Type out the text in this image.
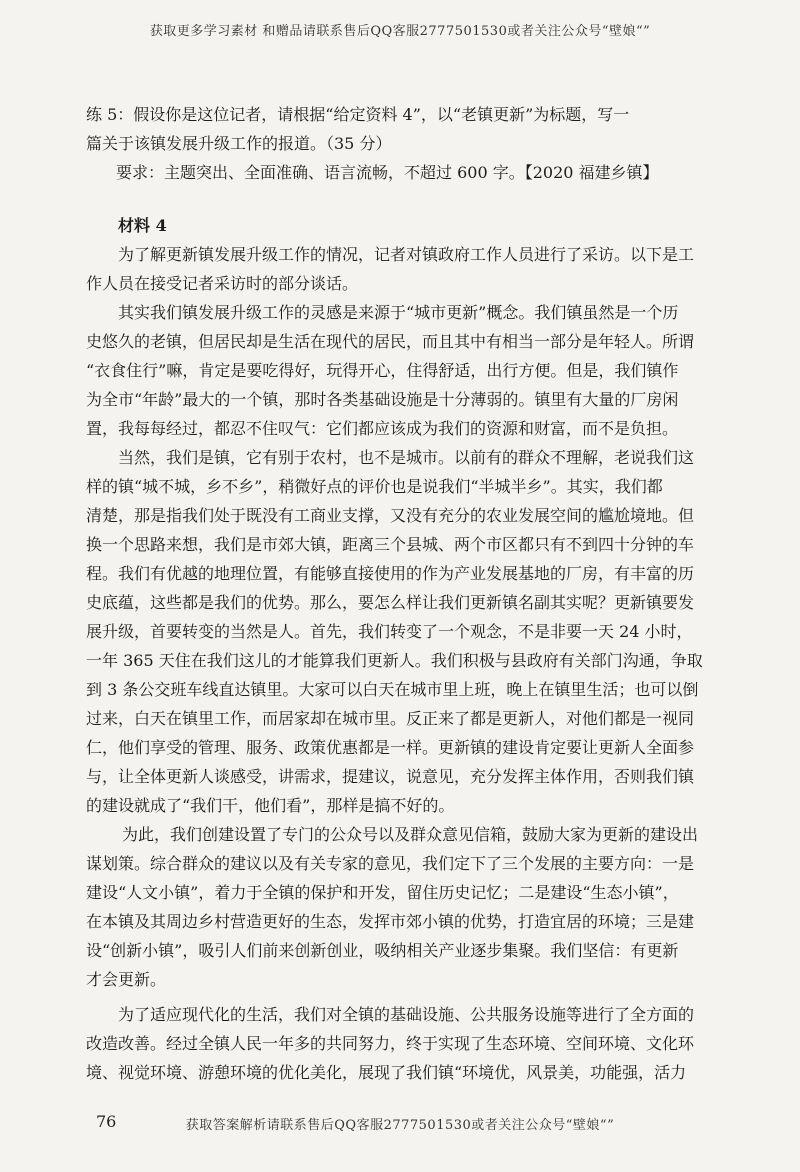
获取更多学习素材 和赠品请联系售后QQ客服2777501530或者关注公众号“壁娘“”
练 5：假设你是这位记者，请根据“给定资料 4”，以“老镇更新”为标题，写一
篇关于该镇发展升级工作的报道。（35 分）
要求：主题突出、全面准确、语言流畅，不超过 600 字。【2020 福建乡镇】
材料 4
为了解更新镇发展升级工作的情况，记者对镇政府工作人员进行了采访。以下是工
作人员在接受记者采访时的部分谈话。
其实我们镇发展升级工作的灵感是来源于“城市更新”概念。我们镇虽然是一个历
史悠久的老镇，但居民却是生活在现代的居民，而且其中有相当一部分是年轻人。所谓
“衣食住行”嘛，肯定是要吃得好，玩得开心，住得舒适，出行方便。但是，我们镇作
为全市“年龄”最大的一个镇，那时各类基础设施是十分薄弱的。镇里有大量的厂房闲
置，我每每经过，都忍不住叹气：它们都应该成为我们的资源和财富，而不是负担。
当然，我们是镇，它有别于农村，也不是城市。以前有的群众不理解，老说我们这
样的镇“城不城，乡不乡”，稍微好点的评价也是说我们“半城半乡”。其实，我们都
清楚，那是指我们处于既没有工商业支撑，又没有充分的农业发展空间的尴尬境地。但
换一个思路来想，我们是市郊大镇，距离三个县城、两个市区都只有不到四十分钟的车
程。我们有优越的地理位置，有能够直接使用的作为产业发展基地的厂房，有丰富的历
史底蕴，这些都是我们的优势。那么，要怎么样让我们更新镇名副其实呢？更新镇要发
展升级，首要转变的当然是人。首先，我们转变了一个观念，不是非要一天 24 小时，
一年 365 天住在我们这儿的才能算我们更新人。我们积极与县政府有关部门沟通，争取
到 3 条公交班车线直达镇里。大家可以白天在城市里上班，晚上在镇里生活；也可以倒
过来，白天在镇里工作，而居家却在城市里。反正来了都是更新人，对他们都是一视同
仁，他们享受的管理、服务、政策优惠都是一样。更新镇的建设肯定要让更新人全面参
与，让全体更新人谈感受，讲需求，提建议，说意见，充分发挥主体作用，否则我们镇
的建设就成了“我们干，他们看”，那样是搞不好的。
为此，我们创建设置了专门的公众号以及群众意见信箱，鼓励大家为更新的建设出
谋划策。综合群众的建议以及有关专家的意见，我们定下了三个发展的主要方向：一是
建设“人文小镇”，着力于全镇的保护和开发，留住历史记忆；二是建设“生态小镇”，
在本镇及其周边乡村营造更好的生态，发挥市郊小镇的优势，打造宜居的环境；三是建
设“创新小镇”，吸引人们前来创新创业，吸纳相关产业逐步集聚。我们坚信：有更新
才会更新。
为了适应现代化的生活，我们对全镇的基础设施、公共服务设施等进行了全方面的
改造改善。经过全镇人民一年多的共同努力，终于实现了生态环境、空间环境、文化环
境、视觉环境、游憩环境的优化美化，展现了我们镇“环境优，风景美，功能强，活力
76	获取答案解析请联系售后QQ客服2777501530或者关注公众号“壁娘“”
